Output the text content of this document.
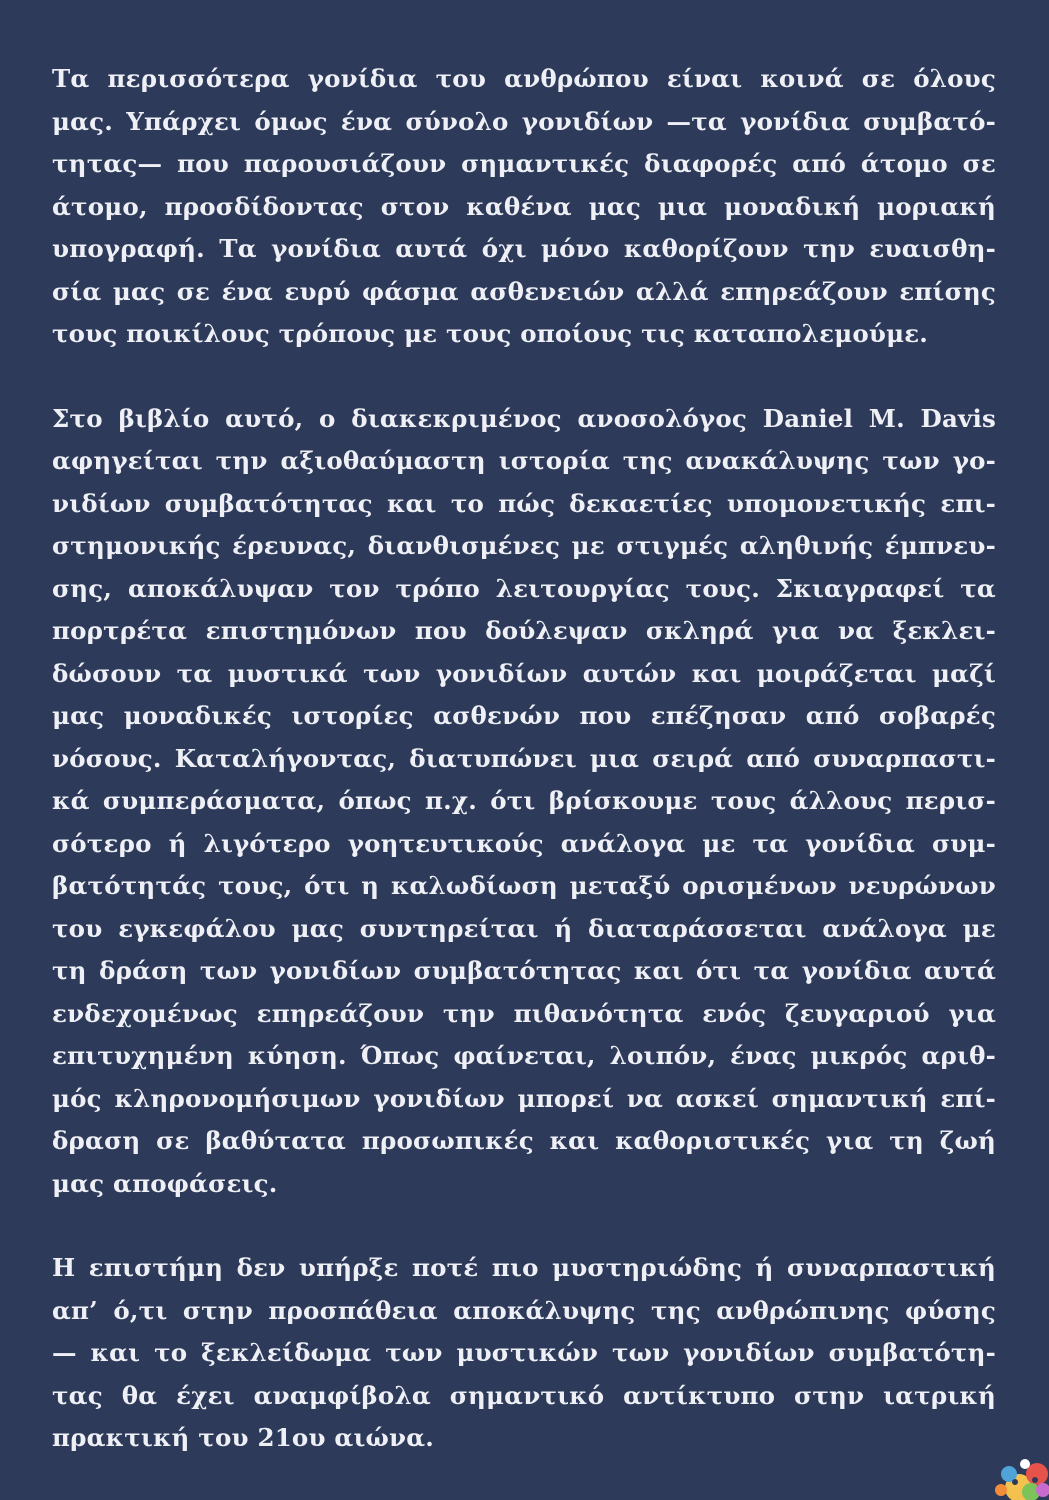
Τα περισσότερα γονίδια του ανθρώπου είναι κοινά σε όλους
μας. Υπάρχει όμως ένα σύνολο γονιδίων —τα γονίδια συμβατό-
τητας— που παρουσιάζουν σημαντικές διαφορές από άτομο σε
άτομο, προσδίδοντας στον καθένα μας μια μοναδική μοριακή
υπογραφή. Τα γονίδια αυτά όχι μόνο καθορίζουν την ευαισθη-
σία μας σε ένα ευρύ φάσμα ασθενειών αλλά επηρεάζουν επίσης
τους ποικίλους τρόπους με τους οποίους τις καταπολεμούμε.

Στο βιβλίο αυτό, ο διακεκριμένος ανοσολόγος Daniel M. Davis
αφηγείται την αξιοθαύμαστη ιστορία της ανακάλυψης των γο-
νιδίων συμβατότητας και το πώς δεκαετίες υπομονετικής επι-
στημονικής έρευνας, διανθισμένες με στιγμές αληθινής έμπνευ-
σης, αποκάλυψαν τον τρόπο λειτουργίας τους. Σκιαγραφεί τα
πορτρέτα επιστημόνων που δούλεψαν σκληρά για να ξεκλει-
δώσουν τα μυστικά των γονιδίων αυτών και μοιράζεται μαζί
μας μοναδικές ιστορίες ασθενών που επέζησαν από σοβαρές
νόσους. Καταλήγοντας, διατυπώνει μια σειρά από συναρπαστι-
κά συμπεράσματα, όπως π.χ. ότι βρίσκουμε τους άλλους περισ-
σότερο ή λιγότερο γοητευτικούς ανάλογα με τα γονίδια συμ-
βατότητάς τους, ότι η καλωδίωση μεταξύ ορισμένων νευρώνων
του εγκεφάλου μας συντηρείται ή διαταράσσεται ανάλογα με
τη δράση των γονιδίων συμβατότητας και ότι τα γονίδια αυτά
ενδεχομένως επηρεάζουν την πιθανότητα ενός ζευγαριού για
επιτυχημένη κύηση. Όπως φαίνεται, λοιπόν, ένας μικρός αριθ-
μός κληρονομήσιμων γονιδίων μπορεί να ασκεί σημαντική επί-
δραση σε βαθύτατα προσωπικές και καθοριστικές για τη ζωή
μας αποφάσεις.

Η επιστήμη δεν υπήρξε ποτέ πιο μυστηριώδης ή συναρπαστική
απ’ ό,τι στην προσπάθεια αποκάλυψης της ανθρώπινης φύσης
— και το ξεκλείδωμα των μυστικών των γονιδίων συμβατότη-
τας θα έχει αναμφίβολα σημαντικό αντίκτυπο στην ιατρική
πρακτική του 21ου αιώνα.
